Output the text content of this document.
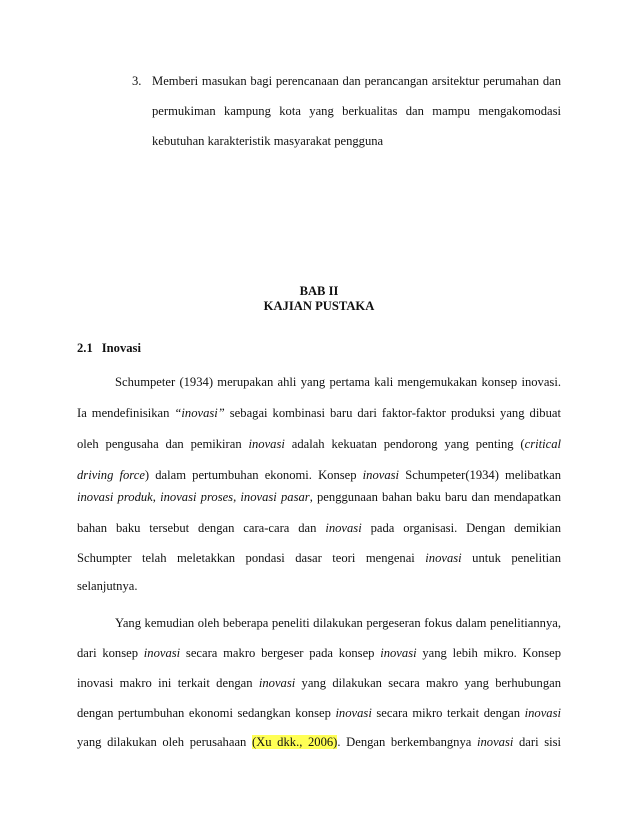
3. Memberi masukan bagi perencanaan dan perancangan arsitektur perumahan dan
permukiman kampung kota yang berkualitas dan mampu mengakomodasi
kebutuhan karakteristik masyarakat pengguna
BAB II
KAJIAN PUSTAKA
2.1 Inovasi
Schumpeter (1934) merupakan ahli yang pertama kali mengemukakan konsep inovasi.
Ia mendefinisikan “inovasi” sebagai kombinasi baru dari faktor-faktor produksi yang dibuat
oleh pengusaha dan pemikiran inovasi adalah kekuatan pendorong yang penting (critical
driving force) dalam pertumbuhan ekonomi. Konsep inovasi Schumpeter(1934) melibatkan
inovasi produk, inovasi proses, inovasi pasar, penggunaan bahan baku baru dan mendapatkan
bahan baku tersebut dengan cara-cara dan inovasi pada organisasi. Dengan demikian
Schumpter telah meletakkan pondasi dasar teori mengenai inovasi untuk penelitian
selanjutnya.
Yang kemudian oleh beberapa peneliti dilakukan pergeseran fokus dalam penelitiannya,
dari konsep inovasi secara makro bergeser pada konsep inovasi yang lebih mikro. Konsep
inovasi makro ini terkait dengan inovasi yang dilakukan secara makro yang berhubungan
dengan pertumbuhan ekonomi sedangkan konsep inovasi secara mikro terkait dengan inovasi
yang dilakukan oleh perusahaan (Xu dkk., 2006). Dengan berkembangnya inovasi dari sisi
